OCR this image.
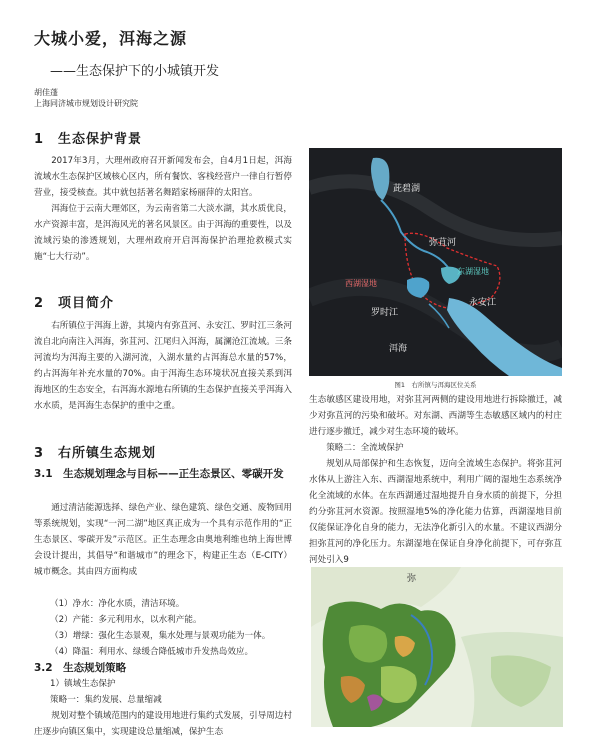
大城小爱，洱海之源
——生态保护下的小城镇开发
胡佳蓬
上海同济城市规划设计研究院
1　生态保护背景

2017年3月，大理州政府召开新闻发布会，自4月1日起，洱海流域水生态保护区域核心区内，所有餐饮、客栈经营户一律自行暂停营业，接受核查。其中就包括著名舞蹈家杨丽萍的太阳宫。

洱海位于云南大理郊区，为云南省第二大淡水湖，其水质优良，水产资源丰富，是洱海风光的著名风景区。由于洱海的重要性，以及流域污染的渗透规划，大理州政府开启洱海保护治理抢救模式实施“七大行动”。

2　项目简介

右所镇位于洱海上游，其境内有弥苴河、永安江、罗时江三条河流自北向南注入洱海，弥苴河、江尾归入洱海，属澜沧江流域。三条河流均为洱海主要的入湖河流，入湖水量约占洱海总水量的57%，约占洱海年补充水量的70%。由于洱海生态环境状况直接关系到洱海地区的生态安全，右洱海水源地右所镇的生态保护直接关乎洱海入水水质，是洱海生态保护的重中之重。

3　右所镇生态规划
3.1　生态规划理念与目标——正生态景区、零碳开发

通过清洁能源选择、绿色产业、绿色建筑、绿色交通、废物回用等系统规划，实现“一河二湖”地区真正成为一个具有示范作用的“正生态景区、零碳开发”示范区。正生态理念由奥地利维也纳上海世博会设计提出，其倡导“和谐城市”的理念下，构建正生态（E-CITY）城市概念。其由四方面构成

（1）净水：净化水质，清洁环境。
（2）产能：多元利用水，以水利产能。
（3）增绿：强化生态景观，集水处理与景观功能为一体。
（4）降温：利用水、绿缓合降低城市升发热岛效应。
3.2　生态规划策略
1）镇域生态保护
策略一：集约发展、总量缩减

规划对整个镇域范围内的建设用地进行集约式发展，引导周边村庄逐步向镇区集中，实现建设总量缩减，保护生态

茈碧湖
弥苴河
东湖湿地
西湖湿地
永安江
罗时江
洱海
图1　右所镇与洱海区位关系

生态敏感区建设用地，对弥苴河两侧的建设用地进行拆除撤迁，减少对弥苴河的污染和破坏。对东湖、西湖等生态敏感区域内的村庄进行逐步撤迁，减少对生态环境的破坏。

策略二：全流域保护

规划从局部保护和生态恢复，迈向全流域生态保护。将弥苴河水体从上游注入东、西湖湿地系统中，利用广阔的湿地生态系统净化全流域的水体。在东西湖通过湿地提升自身水质的前提下，分担约分弥苴河水资源。按照湿地5%的净化能力估算，西湖湿地目前仅能保证净化自身的能力，无法净化新引入的水量。不建议西湖分担弥苴河的净化压力。东湖湿地在保证自身净化前提下，可存弥苴河处引入9

弥
